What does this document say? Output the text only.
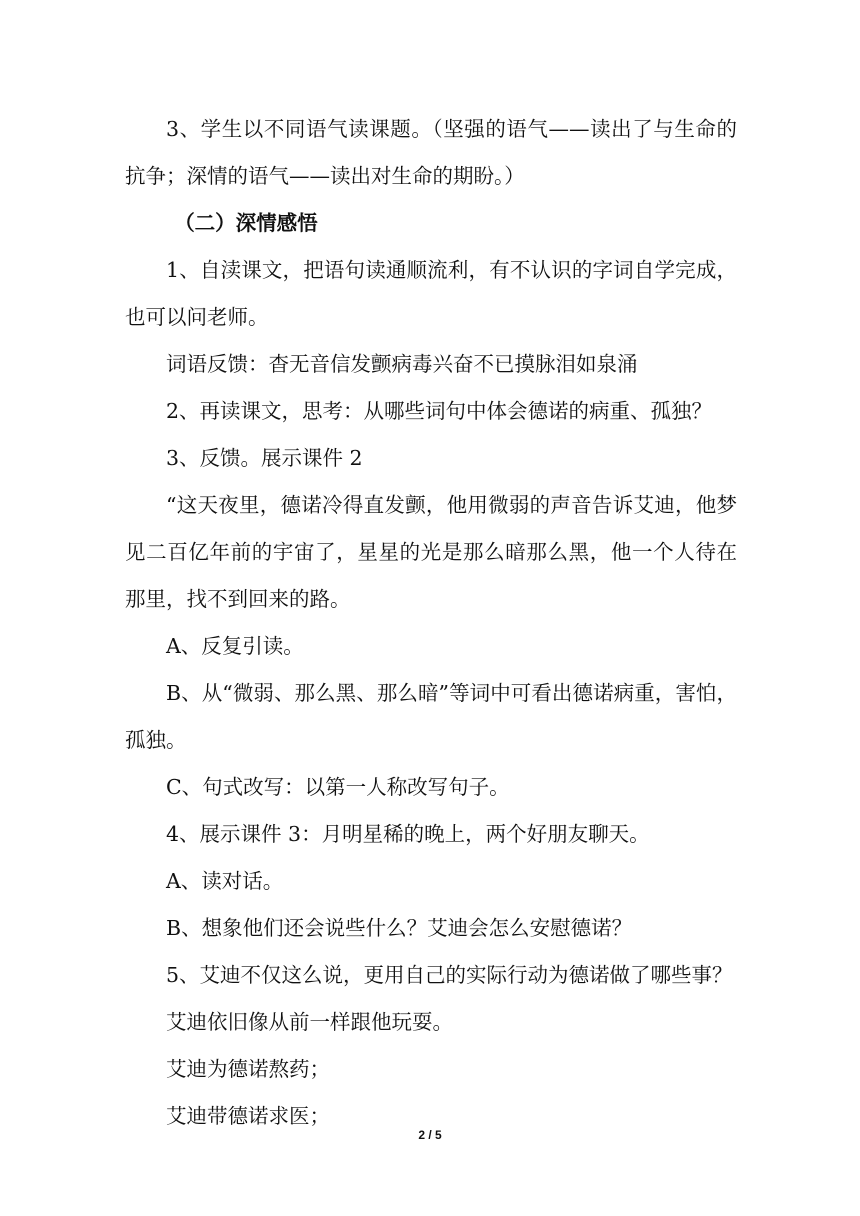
3、学生以不同语气读课题。（坚强的语气——读出了与生命的抗争；深情的语气——读出对生命的期盼。）

（二）深情感悟

1、自渎课文，把语句读通顺流利，有不认识的字词自学完成，也可以问老师。

词语反馈：杳无音信发颤病毒兴奋不已摸脉泪如泉涌

2、再读课文，思考：从哪些词句中体会德诺的病重、孤独？

3、反馈。展示课件 2

“这天夜里，德诺冷得直发颤，他用微弱的声音告诉艾迪，他梦见二百亿年前的宇宙了，星星的光是那么暗那么黑，他一个人待在那里，找不到回来的路。

A、反复引读。

B、从“微弱、那么黑、那么暗”等词中可看出德诺病重，害怕，孤独。

C、句式改写：以第一人称改写句子。

4、展示课件 3：月明星稀的晚上，两个好朋友聊天。

A、读对话。

B、想象他们还会说些什么？艾迪会怎么安慰德诺？

5、艾迪不仅这么说，更用自己的实际行动为德诺做了哪些事？

艾迪依旧像从前一样跟他玩耍。

艾迪为德诺熬药；

艾迪带德诺求医；

2 / 5
